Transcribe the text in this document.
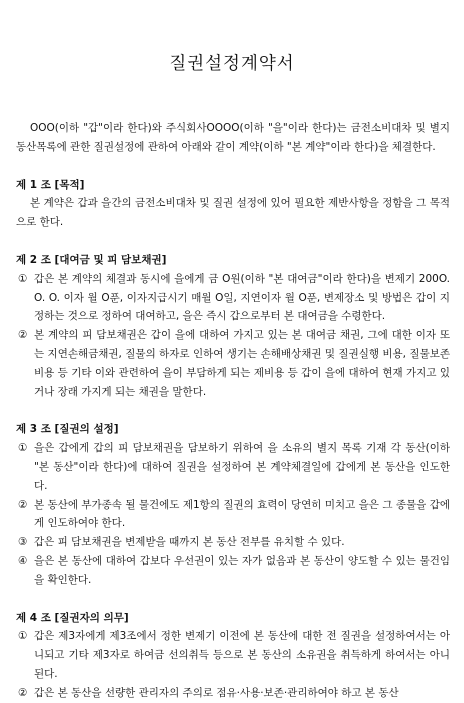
질권설정계약서

OOO(이하 "갑"이라 한다)와 주식회사OOOO(이하 "을"이라 한다)는 금전소비대차 및 별지 동산목록에 관한 질권설정에 관하여 아래와 같이 계약(이하 "본 계약"이라 한다)을 체결한다.

제 1 조 [목적]

본 계약은 갑과 을간의 금전소비대차 및 질권 설정에 있어 필요한 제반사항을 정함을 그 목적으로 한다.

제 2 조 [대여금 및 피 담보채권]

① 갑은 본 계약의 체결과 동시에 을에게 금 O원(이하 "본 대여금"이라 한다)을 변제기 200O. O. O. 이자 월 O푼, 이자지급시기 매월 O일, 지연이자 월 O푼, 변제장소 및 방법은 갑이 지정하는 것으로 정하여 대여하고, 을은 즉시 갑으로부터 본 대여금을 수령한다.
② 본 계약의 피 담보채권은 갑이 을에 대하여 가지고 있는 본 대여금 채권, 그에 대한 이자 또는 지연손해금채권, 질물의 하자로 인하여 생기는 손해배상채권 및 질권실행 비용, 질물보존 비용 등 기타 이와 관련하여 을이 부담하게 되는 제비용 등 갑이 을에 대하여 현재 가지고 있거나 장래 가지게 되는 채권을 말한다.

제 3 조 [질권의 설정]

① 을은 갑에게 갑의 피 담보채권을 담보하기 위하여 을 소유의 별지 목록 기재 각 동산(이하 "본 동산"이라 한다)에 대하여 질권을 설정하여 본 계약체결일에 갑에게 본 동산을 인도한다.
② 본 동산에 부가종속 될 물건에도 제1항의 질권의 효력이 당연히 미치고 을은 그 종물을 갑에게 인도하여야 한다.
③ 갑은 피 담보채권을 변제받을 때까지 본 동산 전부를 유치할 수 있다.
④ 을은 본 동산에 대하여 갑보다 우선권이 있는 자가 없음과 본 동산이 양도할 수 있는 물건임을 확인한다.

제 4 조 [질권자의 의무]

① 갑은 제3자에게 제3조에서 정한 변제기 이전에 본 동산에 대한 전 질권을 설정하여서는 아니되고 기타 제3자로 하여금 선의취득 등으로 본 동산의 소유권을 취득하게 하여서는 아니된다.
② 갑은 본 동산을 선량한 관리자의 주의로 점유·사용·보존·관리하여야 하고 본 동산
